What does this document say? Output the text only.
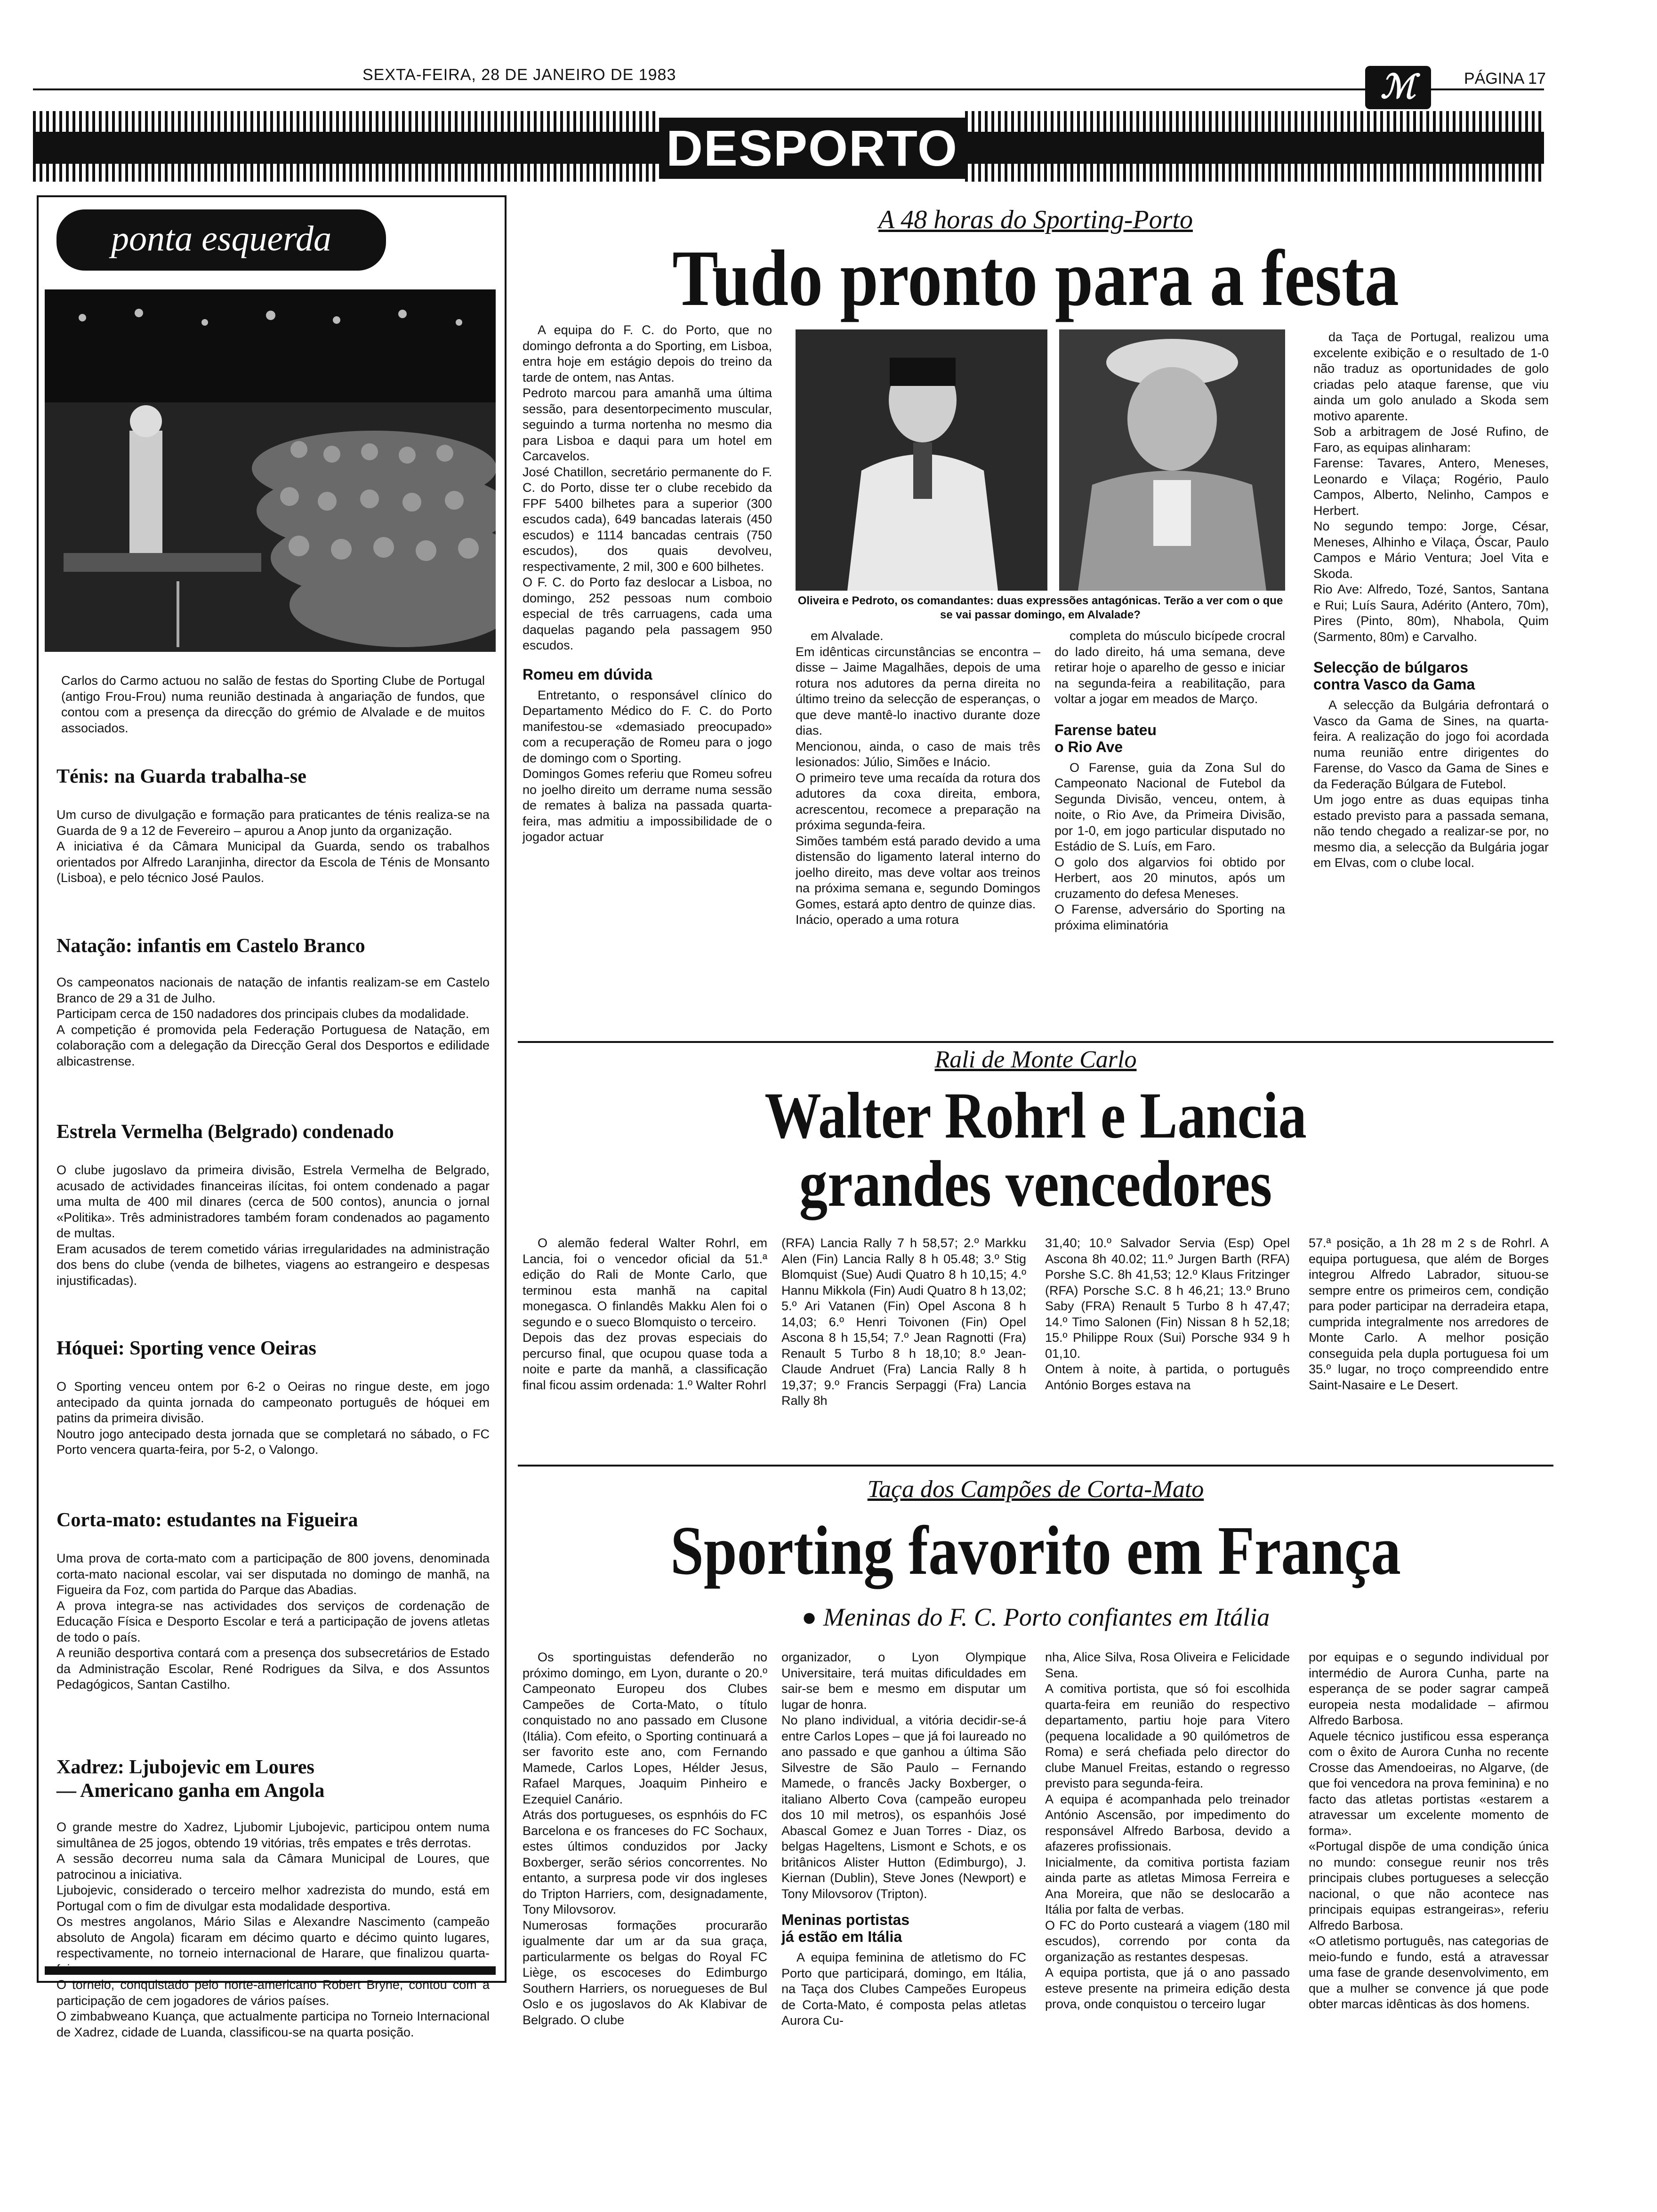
SEXTA-FEIRA, 28 DE JANEIRO DE 1983	ℳ	PÁGINA 17
DESPORTO
ponta esquerda
Carlos do Carmo actuou no salão de festas do Sporting Clube de Portugal (antigo Frou-Frou) numa reunião destinada à angariação de fundos, que contou com a presença da direcção do grémio de Alvalade e de muitos associados.

Ténis: na Guarda trabalha-se

Um curso de divulgação e formação para praticantes de ténis realiza-se na Guarda de 9 a 12 de Fevereiro – apurou a Anop junto da organização.
A iniciativa é da Câmara Municipal da Guarda, sendo os trabalhos orientados por Alfredo Laranjinha, director da Escola de Ténis de Monsanto (Lisboa), e pelo técnico José Paulos.

Natação: infantis em Castelo Branco

Os campeonatos nacionais de natação de infantis realizam-se em Castelo Branco de 29 a 31 de Julho.
Participam cerca de 150 nadadores dos principais clubes da modalidade.
A competição é promovida pela Federação Portuguesa de Natação, em colaboração com a delegação da Direcção Geral dos Desportos e edilidade albicastrense.

Estrela Vermelha (Belgrado) condenado

O clube jugoslavo da primeira divisão, Estrela Vermelha de Belgrado, acusado de actividades financeiras ilícitas, foi ontem condenado a pagar uma multa de 400 mil dinares (cerca de 500 contos), anuncia o jornal «Politika». Três administradores também foram condenados ao pagamento de multas.
Eram acusados de terem cometido várias irregularidades na administração dos bens do clube (venda de bilhetes, viagens ao estrangeiro e despesas injustificadas).

Hóquei: Sporting vence Oeiras

O Sporting venceu ontem por 6-2 o Oeiras no ringue deste, em jogo antecipado da quinta jornada do campeonato português de hóquei em patins da primeira divisão.
Noutro jogo antecipado desta jornada que se completará no sábado, o FC Porto vencera quarta-feira, por 5-2, o Valongo.

Corta-mato: estudantes na Figueira

Uma prova de corta-mato com a participação de 800 jovens, denominada corta-mato nacional escolar, vai ser disputada no domingo de manhã, na Figueira da Foz, com partida do Parque das Abadias.
A prova integra-se nas actividades dos serviços de cordenação de Educação Física e Desporto Escolar e terá a participação de jovens atletas de todo o país.
A reunião desportiva contará com a presença dos subsecretários de Estado da Administração Escolar, René Rodrigues da Silva, e dos Assuntos Pedagógicos, Santan Castilho.

Xadrez: Ljubojevic em Loures
— Americano ganha em Angola

O grande mestre do Xadrez, Ljubomir Ljubojevic, participou ontem numa simultânea de 25 jogos, obtendo 19 vitórias, três empates e três derrotas.
A sessão decorreu numa sala da Câmara Municipal de Loures, que patrocinou a iniciativa.
Ljubojevic, considerado o terceiro melhor xadrezista do mundo, está em Portugal com o fim de divulgar esta modalidade desportiva.
Os mestres angolanos, Mário Silas e Alexandre Nascimento (campeão absoluto de Angola) ficaram em décimo quarto e décimo quinto lugares, respectivamente, no torneio internacional de Harare, que finalizou quarta-
O torneio, conquistado pelo norte-americano Robert Bryne, contou com a participação de cem jogadores de vários países.
O zimbabweano Kuança, que actualmente participa no Torneio Internacional de Xadrez, cidade de Luanda, classificou-se na quarta posição.

A 48 horas do Sporting-Porto
Tudo pronto para a festa

A equipa do F. C. do Porto, que no domingo defronta a do Sporting, em Lisboa, entra hoje em estágio depois do treino da tarde de ontem, nas Antas.
Pedroto marcou para amanhã uma última sessão, para desentorpecimento muscular, seguindo a turma nortenha no mesmo dia para Lisboa e daqui para um hotel em Carcavelos.
José Chatillon, secretário permanente do F. C. do Porto, disse ter o clube recebido da FPF 5400 bilhetes para a superior (300 escudos cada), 649 bancadas laterais (450 escudos) e 1114 bancadas centrais (750 escudos), dos quais devolveu, respectivamente, 2 mil, 300 e 600 bilhetes.
O F. C. do Porto faz deslocar a Lisboa, no domingo, 252 pessoas num comboio especial de três carruagens, cada uma daquelas pagando pela passagem 950 escudos.

Romeu em dúvida

Entretanto, o responsável clínico do Departamento Médico do F. C. do Porto manifestou-se «demasiado preocupado» com a recuperação de Romeu para o jogo de domingo com o Sporting.
Domingos Gomes referiu que Romeu sofreu no joelho direito um derrame numa sessão de remates à baliza na passada quarta-feira, mas admitiu a impossibilidade de o jogador actuar

Oliveira e Pedroto, os comandantes: duas expressões antagónicas. Terão a ver com o que se vai passar domingo, em Alvalade?

em Alvalade.
Em idênticas circunstâncias se encontra – disse – Jaime Magalhães, depois de uma rotura nos adutores da perna direita no último treino da selecção de esperanças, o que deve mantê-lo inactivo durante doze dias.
Mencionou, ainda, o caso de mais três lesionados: Júlio, Simões e Inácio.
O primeiro teve uma recaída da rotura dos adutores da coxa direita, embora, acrescentou, recomece a preparação na próxima segunda-feira.
Simões também está parado devido a uma distensão do ligamento lateral interno do joelho direito, mas deve voltar aos treinos na próxima semana e, segundo Domingos Gomes, estará apto dentro de quinze dias.
Inácio, operado a uma rotura

completa do músculo bicípede crocral do lado direito, há uma semana, deve retirar hoje o aparelho de gesso e iniciar na segunda-feira a reabilitação, para voltar a jogar em meados de Março.

Farense bateu
o Rio Ave

O Farense, guia da Zona Sul do Campeonato Nacional de Futebol da Segunda Divisão, venceu, ontem, à noite, o Rio Ave, da Primeira Divisão, por 1-0, em jogo particular disputado no Estádio de S. Luís, em Faro.
O golo dos algarvios foi obtido por Herbert, aos 20 minutos, após um cruzamento do defesa Meneses.
O Farense, adversário do Sporting na próxima eliminatória

da Taça de Portugal, realizou uma excelente exibição e o resultado de 1-0 não traduz as oportunidades de golo criadas pelo ataque farense, que viu ainda um golo anulado a Skoda sem motivo aparente.
Sob a arbitragem de José Rufino, de Faro, as equipas alinharam:
Farense: Tavares, Antero, Meneses, Leonardo e Vilaça; Rogério, Paulo Campos, Alberto, Nelinho, Campos e Herbert.
No segundo tempo: Jorge, César, Meneses, Alhinho e Vilaça, Óscar, Paulo Campos e Mário Ventura; Joel Vita e Skoda.
Rio Ave: Alfredo, Tozé, Santos, Santana e Rui; Luís Saura, Adérito (Antero, 70m), Pires (Pinto, 80m), Nhabola, Quim (Sarmento, 80m) e Carvalho.

Selecção de búlgaros
contra Vasco da Gama

A selecção da Bulgária defrontará o Vasco da Gama de Sines, na quarta-feira. A realização do jogo foi acordada numa reunião entre dirigentes do Farense, do Vasco da Gama de Sines e da Federação Búlgara de Futebol.
Um jogo entre as duas equipas tinha estado previsto para a passada semana, não tendo chegado a realizar-se por, no mesmo dia, a selecção da Bulgária jogar em Elvas, com o clube local.

Rali de Monte Carlo
Walter Rohrl e Lancia
grandes vencedores

O alemão federal Walter Rohrl, em Lancia, foi o vencedor oficial da 51.ª edição do Rali de Monte Carlo, que terminou esta manhã na capital monegasca. O finlandês Makku Alen foi o segundo e o sueco Blomquisto o terceiro.
Depois das dez provas especiais do percurso final, que ocupou quase toda a noite e parte da manhã, a classificação final ficou assim ordenada: 1.º Walter Rohrl

(RFA) Lancia Rally 7 h 58,57; 2.º Markku Alen (Fin) Lancia Rally 8 h 05.48; 3.º Stig Blomquist (Sue) Audi Quatro 8 h 10,15; 4.º Hannu Mikkola (Fin) Audi Quatro 8 h 13,02; 5.º Ari Vatanen (Fin) Opel Ascona 8 h 14,03; 6.º Henri Toivonen (Fin) Opel Ascona 8 h 15,54; 7.º Jean Ragnotti (Fra) Renault 5 Turbo 8 h 18,10; 8.º Jean-Claude Andruet (Fra) Lancia Rally 8 h 19,37; 9.º Francis Serpaggi (Fra) Lancia Rally 8h

31,40; 10.º Salvador Servia (Esp) Opel Ascona 8h 40.02; 11.º Jurgen Barth (RFA) Porshe S.C. 8h 41,53; 12.º Klaus Fritzinger (RFA) Porsche S.C. 8 h 46,21; 13.º Bruno Saby (FRA) Renault 5 Turbo 8 h 47,47; 14.º Timo Salonen (Fin) Nissan 8 h 52,18; 15.º Philippe Roux (Sui) Porsche 934 9 h 01,10.
Ontem à noite, à partida, o português António Borges estava na

57.ª posição, a 1h 28 m 2 s de Rohrl. A equipa portuguesa, que além de Borges integrou Alfredo Labrador, situou-se sempre entre os primeiros cem, condição para poder participar na derradeira etapa, cumprida integralmente nos arredores de Monte Carlo. A melhor posição conseguida pela dupla portuguesa foi um 35.º lugar, no troço compreendido entre Saint-Nasaire e Le Desert.

Taça dos Campões de Corta-Mato
Sporting favorito em França
● Meninas do F. C. Porto confiantes em Itália

Os sportinguistas defenderão no próximo domingo, em Lyon, durante o 20.º Campeonato Europeu dos Clubes Campeões de Corta-Mato, o título conquistado no ano passado em Clusone (Itália). Com efeito, o Sporting continuará a ser favorito este ano, com Fernando Mamede, Carlos Lopes, Hélder Jesus, Rafael Marques, Joaquim Pinheiro e Ezequiel Canário.
Atrás dos portugueses, os espnhóis do FC Barcelona e os franceses do FC Sochaux, estes últimos conduzidos por Jacky Boxberger, serão sérios concorrentes. No entanto, a surpresa pode vir dos ingleses do Tripton Harriers, com, designadamente, Tony Milovsorov.
Numerosas formações procurarão igualmente dar um ar da sua graça, particularmente os belgas do Royal FC Liège, os escoceses do Edimburgo Southern Harriers, os noruegueses de Bul Oslo e os jugoslavos do Ak Klabivar de Belgrado. O clube

organizador, o Lyon Olympique Universitaire, terá muitas dificuldades em sair-se bem e mesmo em disputar um lugar de honra.
No plano individual, a vitória decidir-se-á entre Carlos Lopes – que já foi laureado no ano passado e que ganhou a última São Silvestre de São Paulo – Fernando Mamede, o francês Jacky Boxberger, o italiano Alberto Cova (campeão europeu dos 10 mil metros), os espanhóis José Abascal Gomez e Juan Torres - Diaz, os belgas Hageltens, Lismont e Schots, e os britânicos Alister Hutton (Edimburgo), J. Kiernan (Dublin), Steve Jones (Newport) e Tony Milovsorov (Tripton).

Meninas portistas
já estão em Itália

A equipa feminina de atletismo do FC Porto que participará, domingo, em Itália, na Taça dos Clubes Campeões Europeus de Corta-Mato, é composta pelas atletas Aurora Cu-

nha, Alice Silva, Rosa Oliveira e Felicidade Sena.
A comitiva portista, que só foi escolhida quarta-feira em reunião do respectivo departamento, partiu hoje para Vitero (pequena localidade a 90 quilómetros de Roma) e será chefiada pelo director do clube Manuel Freitas, estando o regresso previsto para segunda-feira.
A equipa é acompanhada pelo treinador António Ascensão, por impedimento do responsável Alfredo Barbosa, devido a afazeres profissionais.
Inicialmente, da comitiva portista faziam ainda parte as atletas Mimosa Ferreira e Ana Moreira, que não se deslocarão a Itália por falta de verbas.
O FC do Porto custeará a viagem (180 mil escudos), correndo por conta da organização as restantes despesas.
A equipa portista, que já o ano passado esteve presente na primeira edição desta prova, onde conquistou o terceiro lugar

por equipas e o segundo individual por intermédio de Aurora Cunha, parte na esperança de se poder sagrar campeã europeia nesta modalidade – afirmou Alfredo Barbosa.
Aquele técnico justificou essa esperança com o êxito de Aurora Cunha no recente Crosse das Amendoeiras, no Algarve, (de que foi vencedora na prova feminina) e no facto das atletas portistas «estarem a atravessar um excelente momento de forma».
«Portugal dispõe de uma condição única no mundo: consegue reunir nos três principais clubes portugueses a selecção nacional, o que não acontece nas principais equipas estrangeiras», referiu Alfredo Barbosa.
«O atletismo português, nas categorias de meio-fundo e fundo, está a atravessar uma fase de grande desenvolvimento, em que a mulher se convence já que pode obter marcas idênticas às dos homens.
